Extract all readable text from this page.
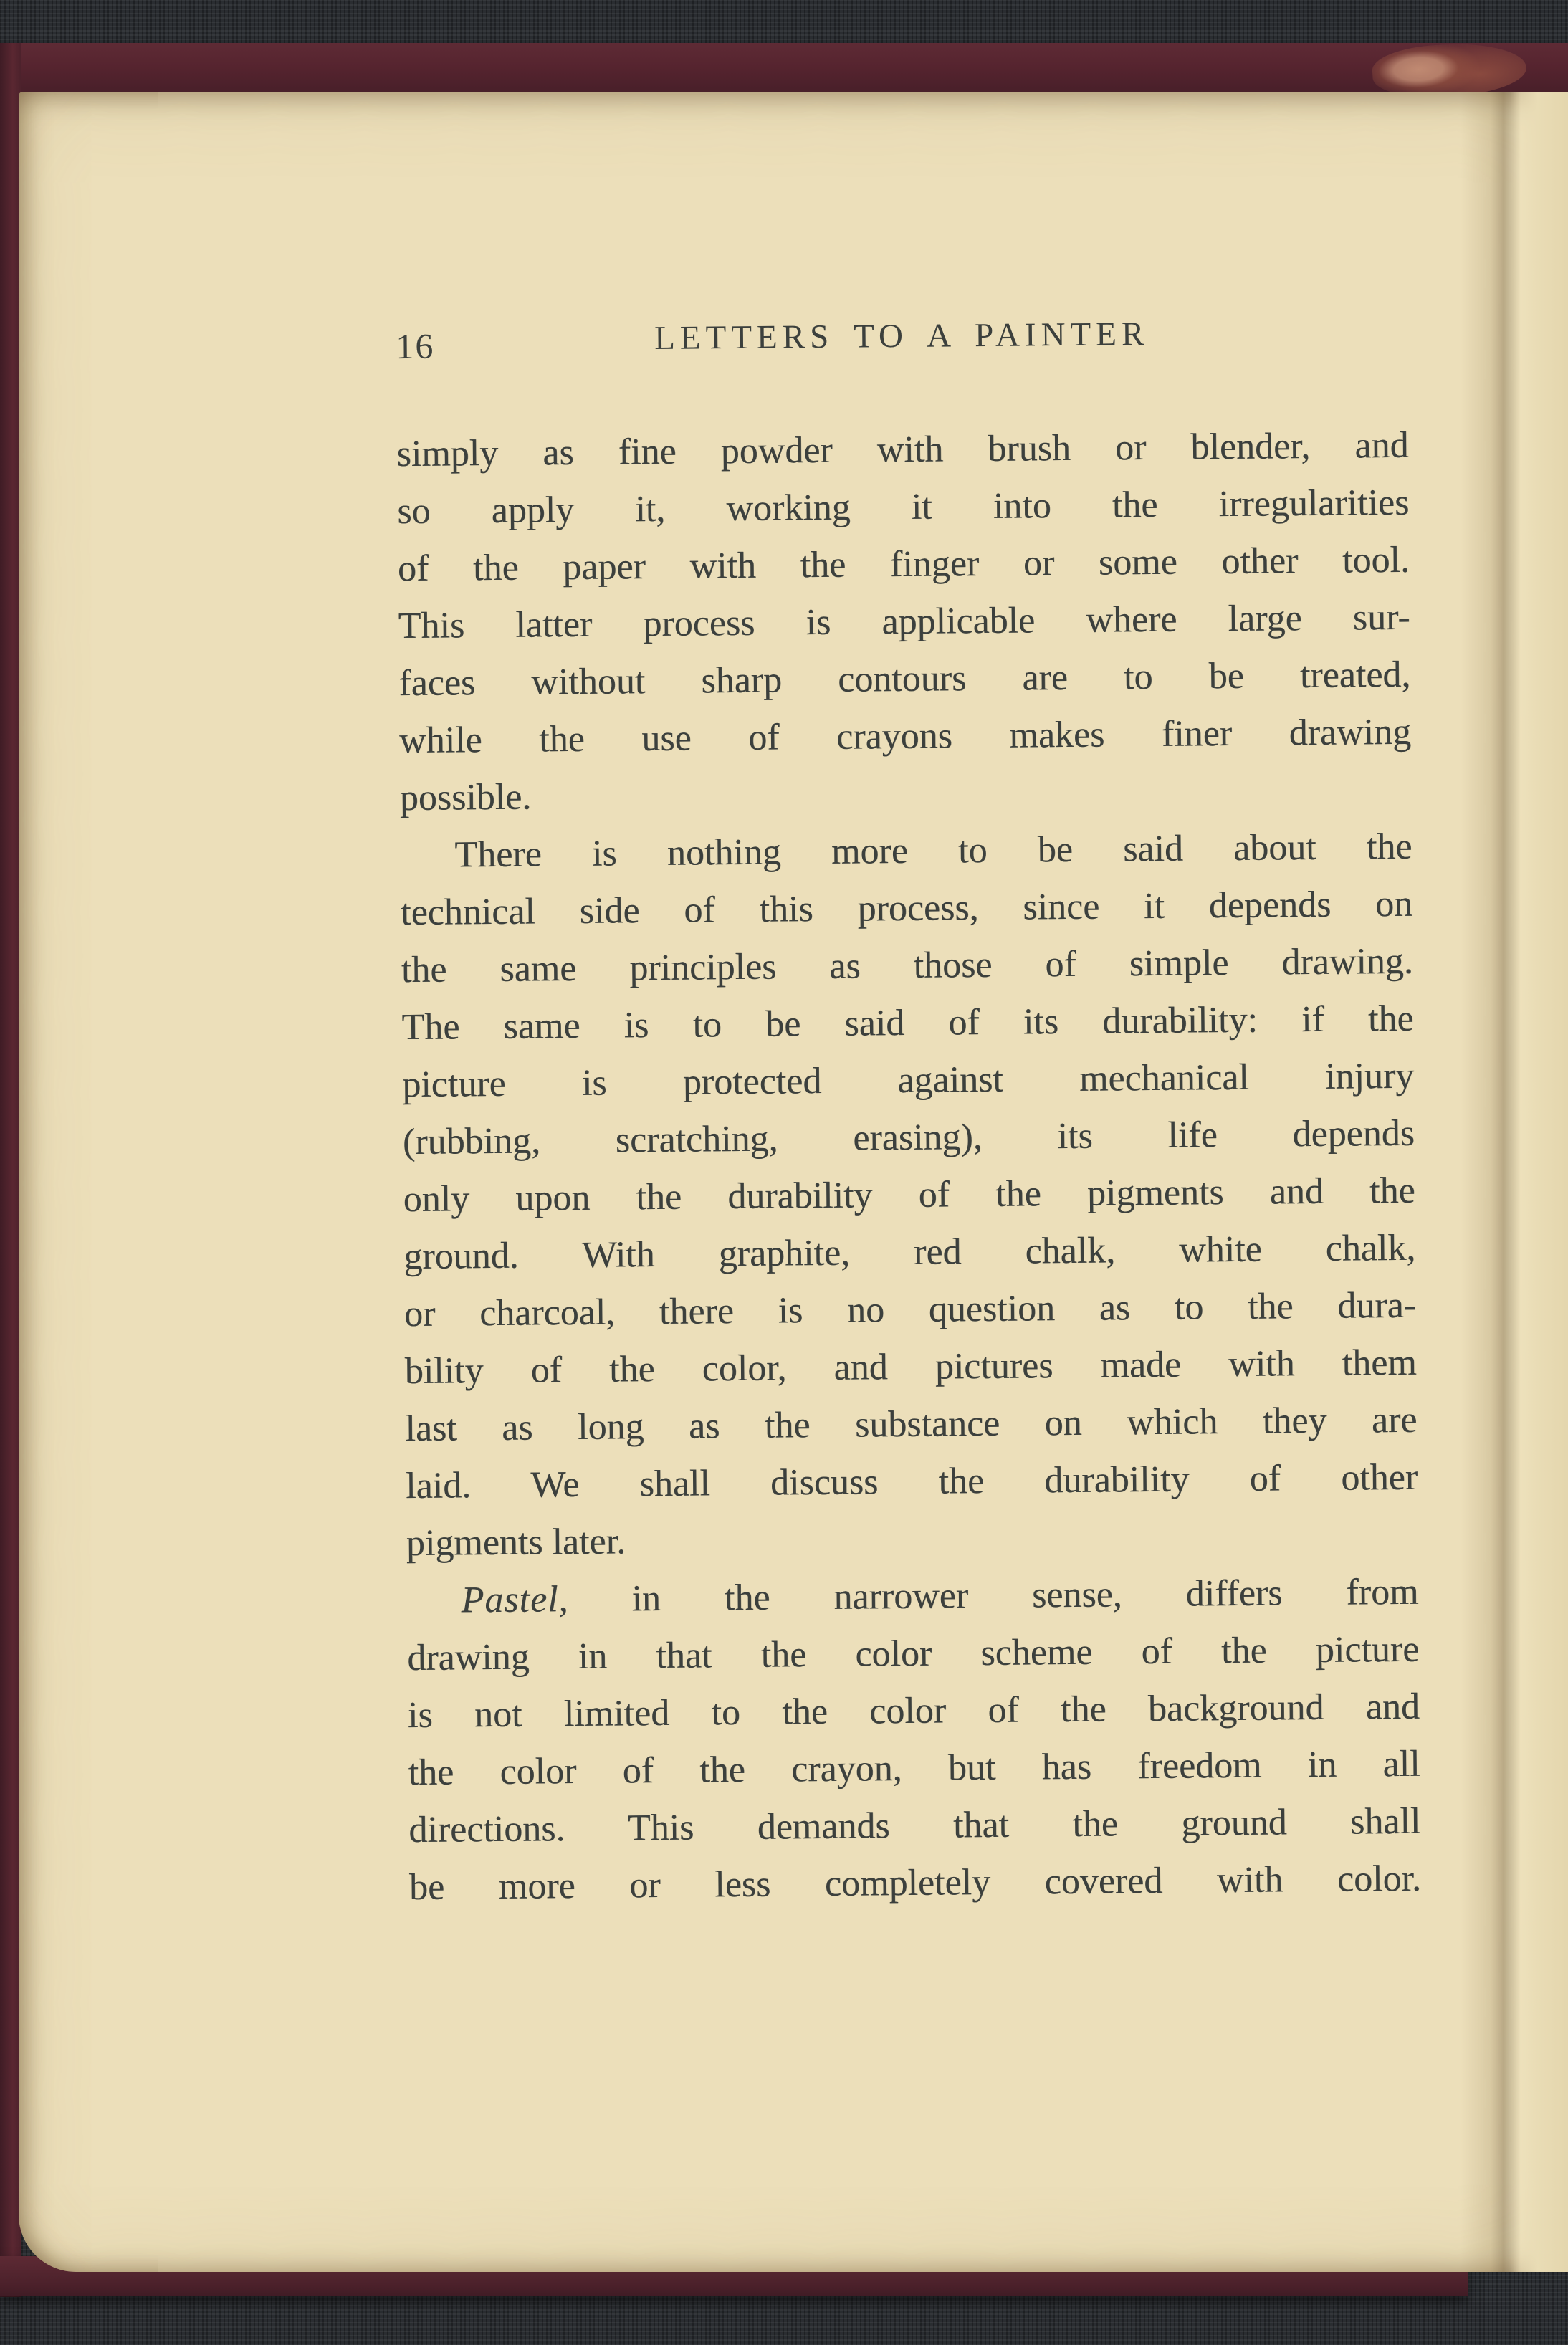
16	LETTERS TO A PAINTER
simply as fine powder with brush or blender, and
so apply it, working it into the irregularities
of the paper with the finger or some other tool.
This latter process is applicable where large sur-
faces without sharp contours are to be treated,
while the use of crayons makes finer drawing
possible.
There is nothing more to be said about the
technical side of this process, since it depends on
the same principles as those of simple drawing.
The same is to be said of its durability: if the
picture is protected against mechanical injury
(rubbing, scratching, erasing), its life depends
only upon the durability of the pigments and the
ground. With graphite, red chalk, white chalk,
or charcoal, there is no question as to the dura-
bility of the color, and pictures made with them
last as long as the substance on which they are
laid. We shall discuss the durability of other
pigments later.
Pastel, in the narrower sense, differs from
drawing in that the color scheme of the picture
is not limited to the color of the background and
the color of the crayon, but has freedom in all
directions. This demands that the ground shall
be more or less completely covered with color.
